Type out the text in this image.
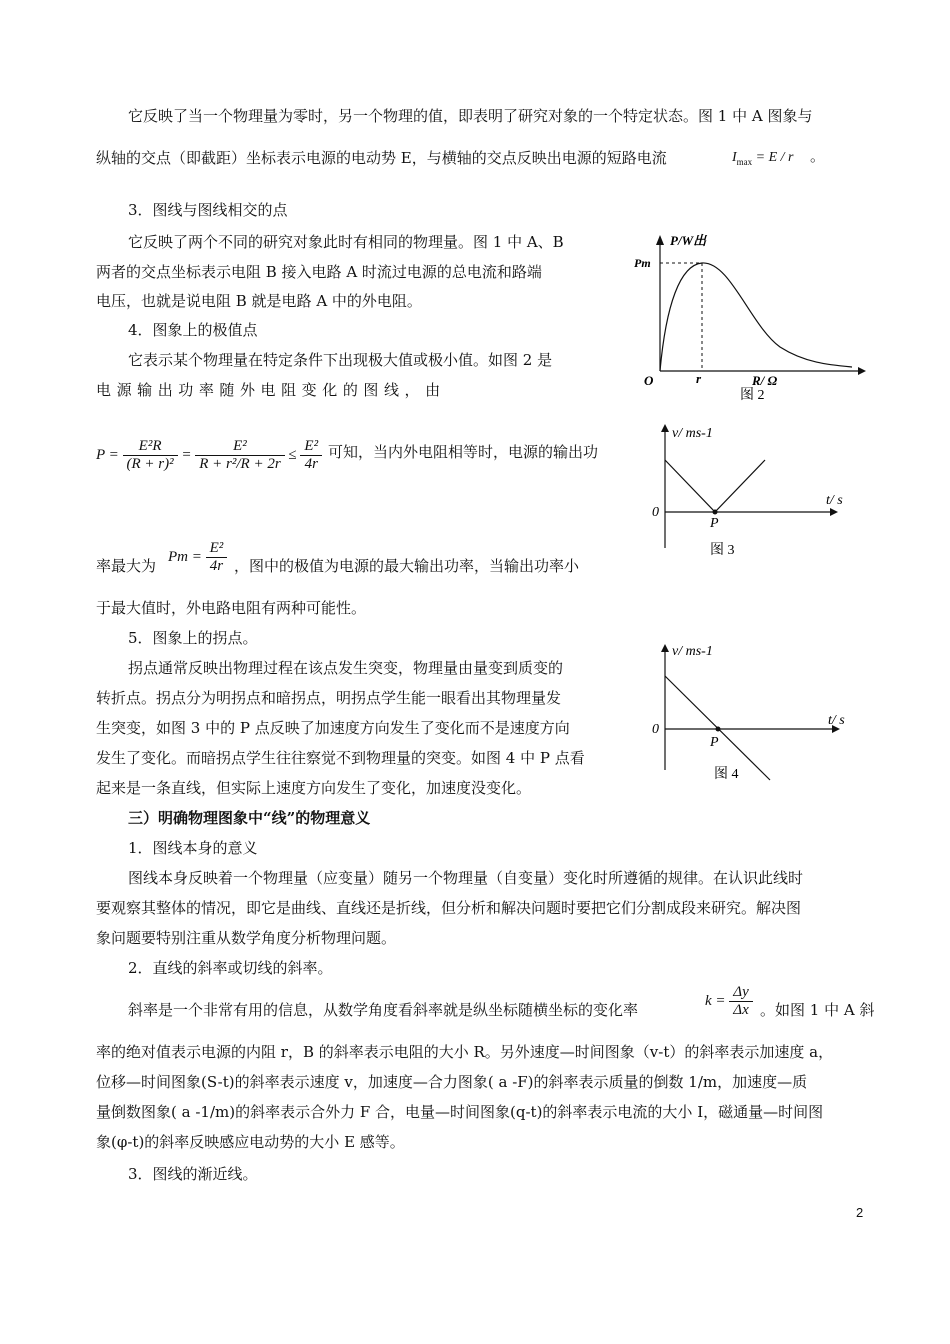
它反映了当一个物理量为零时，另一个物理的值，即表明了研究对象的一个特定状态。图 1 中 A 图象与
纵轴的交点（即截距）坐标表示电源的电动势 E，与横轴的交点反映出电源的短路电流	$I_{max} = E / r$ 。
3．图线与图线相交的点
它反映了两个不同的研究对象此时有相同的物理量。图 1 中 A、B
两者的交点坐标表示电阻 B 接入电路 A 时流过电源的总电流和路端
电压，也就是说电阻 B 就是电路 A 中的外电阻。
4．图象上的极值点
它表示某个物理量在特定条件下出现极大值或极小值。如图 2 是
电 源 输 出 功 率 随 外 电 阻 变 化 的 图 线 ， 由
$P = \frac{\text{E²R}}{\text{(R + r)²}} = \frac{\text{E²}}{\text{R + r²/R + 2r}} \le \frac{\text{E²}}{4r}$ 可知，当内外电阻相等时，电源的输出功
率最大为
$Pm = \frac{\text{E²}}{4r}$ ，图中的极值为电源的最大输出功率，当输出功率小
于最大值时，外电路电阻有两种可能性。
5．图象上的拐点。
拐点通常反映出物理过程在该点发生突变，物理量由量变到质变的
转折点。拐点分为明拐点和暗拐点，明拐点学生能一眼看出其物理量发
生突变，如图 3 中的 P 点反映了加速度方向发生了变化而不是速度方向
发生了变化。而暗拐点学生往往察觉不到物理量的突变。如图 4 中 P 点看
起来是一条直线，但实际上速度方向发生了变化，加速度没变化。
三）明确物理图象中“线”的物理意义
1．图线本身的意义
图线本身反映着一个物理量（应变量）随另一个物理量（自变量）变化时所遵循的规律。在认识此线时
要观察其整体的情况，即它是曲线、直线还是折线，但分析和解决问题时要把它们分割成段来研究。解决图
象问题要特别注重从数学角度分析物理问题。
2．直线的斜率或切线的斜率。
斜率是一个非常有用的信息，从数学角度看斜率就是纵坐标随横坐标的变化率
$k = \frac{\Delta y}{\Delta x}$ 。如图 1 中 A 斜
率的绝对值表示电源的内阻 r，B 的斜率表示电阻的大小 R。另外速度—时间图象（v-t）的斜率表示加速度 a，
位移—时间图象(S-t)的斜率表示速度 v，加速度—合力图象( a -F)的斜率表示质量的倒数 1/m，加速度—质
量倒数图象( a -1/m)的斜率表示合外力 F 合，电量—时间图象(q-t)的斜率表示电流的大小 I，磁通量—时间图
象(φ-t)的斜率反映感应电动势的大小 E 感等。
3．图线的渐近线。
P/W出
Pm
O	r	R/ Ω
图 2
v/ ms-1
0
P
t/ s
图 3
v/ ms-1
0
P
t/ s
图 4
2
